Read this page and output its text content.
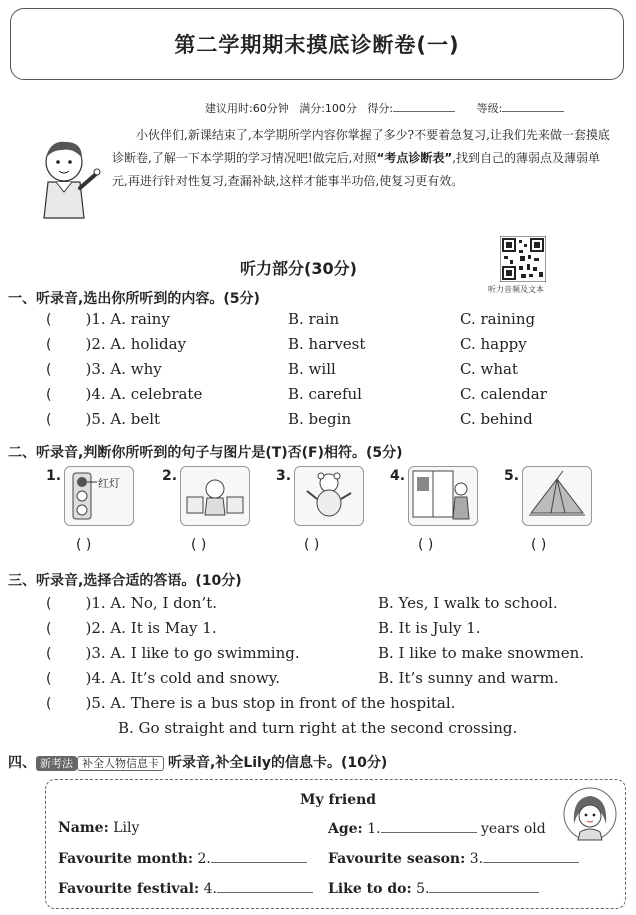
第二学期期末摸底诊断卷(一)
建议用时:60分钟 满分:100分 得分:	等级:
小伙伴们,新课结束了,本学期所学内容你掌握了多少?不要着急复习,让我们先来做一套摸底诊断卷,了解一下本学期的学习情况吧!做完后,对照“考点诊断表”,找到自己的薄弱点及薄弱单元,再进行针对性复习,查漏补缺,这样才能事半功倍,使复习更有效。
听力部分(30分)
听力音频及文本
一、听录音,选出你所听到的内容。(5分)
( )1. A. rainy	B. rain	C. raining
( )2. A. holiday	B. harvest	C. happy
( )3. A. why	B. will	C. what
( )4. A. celebrate	B. careful	C. calendar
( )5. A. belt	B. begin	C. behind
二、听录音,判断你所听到的句子与图片是(T)否(F)相符。(5分)
1.	红灯	2.	3.	4.	5.
( )	( )	( )	( )	( )
三、听录音,选择合适的答语。(10分)
( )1. A. No, I don’t.	B. Yes, I walk to school.
( )2. A. It is May 1.	B. It is July 1.
( )3. A. I like to go swimming.	B. I like to make snowmen.
( )4. A. It’s cold and snowy.	B. It’s sunny and warm.
( )5. A. There is a bus stop in front of the hospital.
B. Go straight and turn right at the second crossing.
四、 新考法 补全人物信息卡 听录音,补全Lily的信息卡。(10分)
My friend
Name: Lily	Age: 1.	years old
Favourite month: 2.	Favourite season: 3.
Favourite festival: 4.	Like to do: 5.
